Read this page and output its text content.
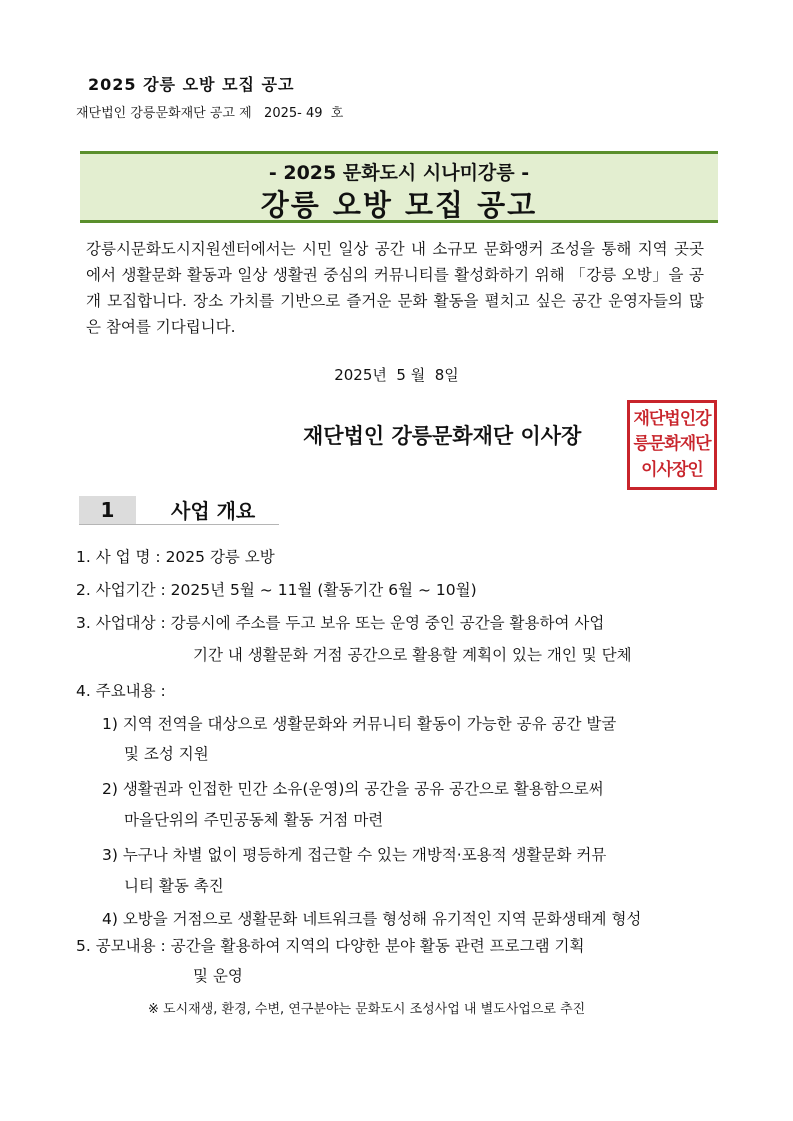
2025 강릉 오방 모집 공고
재단법인 강릉문화재단 공고 제   2025- 49  호
- 2025 문화도시 시나미강릉 -
강릉 오방 모집 공고
강릉시문화도시지원센터에서는 시민 일상 공간 내 소규모 문화앵커 조성을 통해 지역 곳곳에서 생활문화 활동과 일상 생활권 중심의 커뮤니티를 활성화하기 위해 「강릉 오방」을 공개 모집합니다. 장소 가치를 기반으로 즐거운 문화 활동을 펼치고 싶은 공간 운영자들의 많은 참여를 기다립니다.
2025년  5 월  8일
재단법인 강릉문화재단 이사장
재단법인강
릉문화재단
이사장인
1	사업 개요
1. 사 업 명 : 2025 강릉 오방
2. 사업기간 : 2025년 5월 ~ 11월 (활동기간 6월 ~ 10월)
3. 사업대상 : 강릉시에 주소를 두고 보유 또는 운영 중인 공간을 활용하여 사업
기간 내 생활문화 거점 공간으로 활용할 계획이 있는 개인 및 단체
4. 주요내용 :
1) 지역 전역을 대상으로 생활문화와 커뮤니티 활동이 가능한 공유 공간 발굴
및 조성 지원
2) 생활권과 인접한 민간 소유(운영)의 공간을 공유 공간으로 활용함으로써
마을단위의 주민공동체 활동 거점 마련
3) 누구나 차별 없이 평등하게 접근할 수 있는 개방적·포용적 생활문화 커뮤
니티 활동 촉진
4) 오방을 거점으로 생활문화 네트워크를 형성해 유기적인 지역 문화생태계 형성
5. 공모내용 : 공간을 활용하여 지역의 다양한 분야 활동 관련 프로그램 기획
및 운영
※ 도시재생, 환경, 수변, 연구분야는 문화도시 조성사업 내 별도사업으로 추진
